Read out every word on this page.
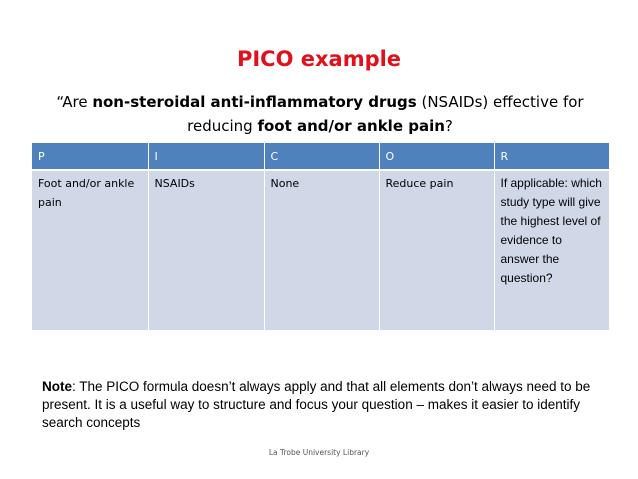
PICO example
“Are non-steroidal anti-inflammatory drugs (NSAIDs) effective for reducing foot and/or ankle pain?
P	I	C	O	R
Foot and/or ankle pain	NSAIDs	None	Reduce pain	If applicable: which study type will give the highest level of evidence to answer the question?
Note: The PICO formula doesn’t always apply and that all elements don’t always need to be present. It is a useful way to structure and focus your question – makes it easier to identify search concepts
La Trobe University Library
